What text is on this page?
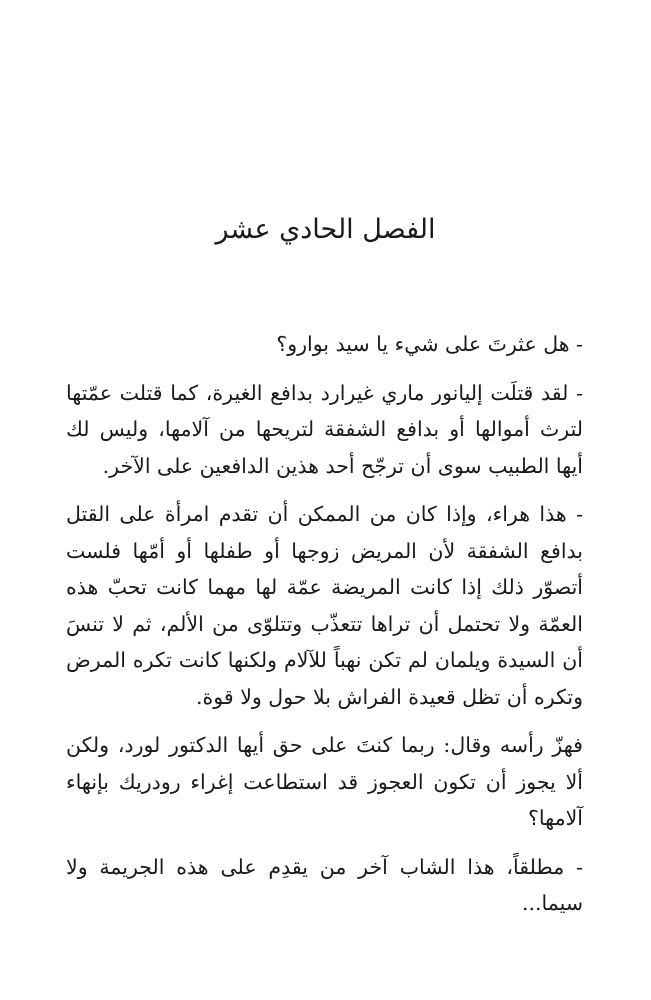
الفصل الحادي عشر

- هل عثرتَ على شيء يا سيد بوارو؟

- لقد قتلَت إليانور ماري غيرارد بدافع الغيرة، كما قتلت عمّتها لترث أموالها أو بدافع الشفقة لتريحها من آلامها، وليس لك أيها الطبيب سوى أن ترجّح أحد هذين الدافعين على الآخر.

- هذا هراء، وإذا كان من الممكن أن تقدم امرأة على القتل بدافع الشفقة لأن المريض زوجها أو طفلها أو أمّها فلست أتصوّر ذلك إذا كانت المريضة عمّة لها مهما كانت تحبّ هذه العمّة ولا تحتمل أن تراها تتعذّب وتتلوّى من الألم، ثم لا تنسَ أن السيدة ويلمان لم تكن نهباً للآلام ولكنها كانت تكره المرض وتكره أن تظل قعيدة الفراش بلا حول ولا قوة.

فهزّ رأسه وقال: ربما كنتَ على حق أيها الدكتور لورد، ولكن ألا يجوز أن تكون العجوز قد استطاعت إغراء رودريك بإنهاء آلامها؟

- مطلقاً، هذا الشاب آخر من يقدِم على هذه الجريمة ولا سيما...
